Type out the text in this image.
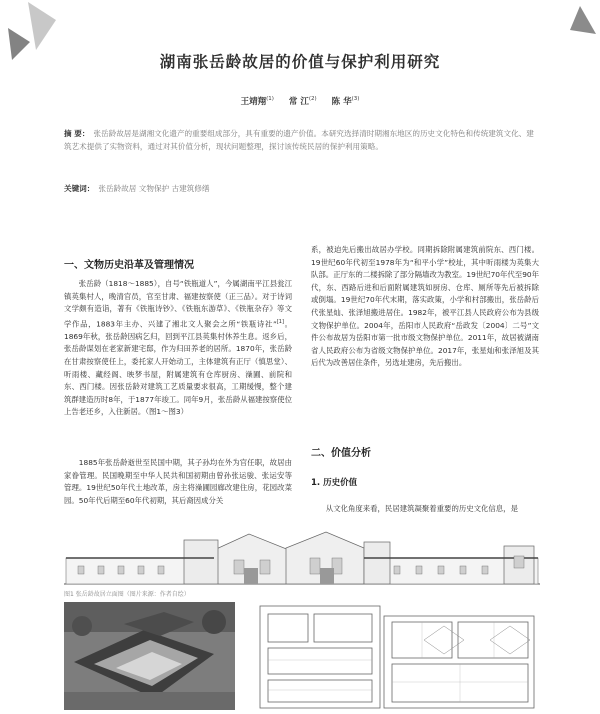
湖南张岳龄故居的价值与保护利用研究
王靖翔$^{(1)}$ 常 江$^{(2)}$ 陈 华$^{(3)}$
摘 要： 张岳龄故居是湖湘文化遗产的重要组成部分，具有重要的遗产价值。本研究选择清时期湘东地区的历史文化特色和传统建筑文化、建筑艺术提供了实物资料，通过对其价值分析，现状问题整理，探讨该传统民居的保护利用策略。
关键词： 张岳龄故居 文物保护 古建筑修缮
一、文物历史沿革及管理情况

张岳龄（1818～1885），自号“铁瓶道人”，今属湖南平江县瓮江镇英集村人，晚清官员，官至甘肃、福建按察使（正三品）。对于诗词文学颇有造诣，著有《铁瓶诗钞》、《铁瓶东游草》、《铁瓶杂存》等文学作品，1883年主办、兴建了湘北文人聚会之所“铁瓶诗社”[1]。1869年秋，张岳龄因病乞归，回到平江县英集村休养生息。返乡后，张岳龄谋划在老家新建宅邸，作为归田养老的居所。1870年，张岳龄在甘肃按察使任上，委托家人开始动工，主体建筑有正厅（慎思堂）、听雨楼、藏经阁、映梦书屋，附属建筑有仓库厨房、澡圃、前院和东、西门楼。因张岳龄对建筑工艺质量要求很高，工期缓慢，整个建筑群建造历时8年，于1877年竣工。同年9月，张岳龄从福建按察使位上告老还乡，入住新居。（图1～图3）

1885年张岳龄逝世至民国中期，其子孙均在外为官任职，故居由家眷管理。民国晚期至中华人民共和国初期由曾孙张运骏、张运安等管理。19世纪50年代土地改革，房主将澡圃园廊改建住房，花园改菜园。50年代后期至60年代初期，其后裔因成分关

系，被迫先后搬出故居办学校。同期拆除附属建筑前院东、西门楼。19世纪60年代初至1978年为“和平小学”校址，其中听雨楼为英集大队部。正厅东的二楼拆除了部分隔墙改为教室。19世纪70年代至90年代，东、西路后进和后面附属建筑如厨房、仓库、厕所等先后被拆除或倒塌。19世纪70年代末期，落实政策，小学和村部搬出，张岳龄后代张星灿、张泽旭搬进居住。1982年，被平江县人民政府公布为县级文物保护单位。2004年，岳阳市人民政府“岳政发〔2004〕二号”文件公布故居为岳阳市第一批市级文物保护单位。2011年，故居被湖南省人民政府公布为省级文物保护单位。2017年，张星灿和张泽旭及其后代为改善居住条件，另选址建房，先后搬出。

二、价值分析
1. 历史价值

从文化角度来看，民居建筑凝聚着重要的历史文化信息，是

图1 张岳龄故居立面图（图片来源：作者自绘）
